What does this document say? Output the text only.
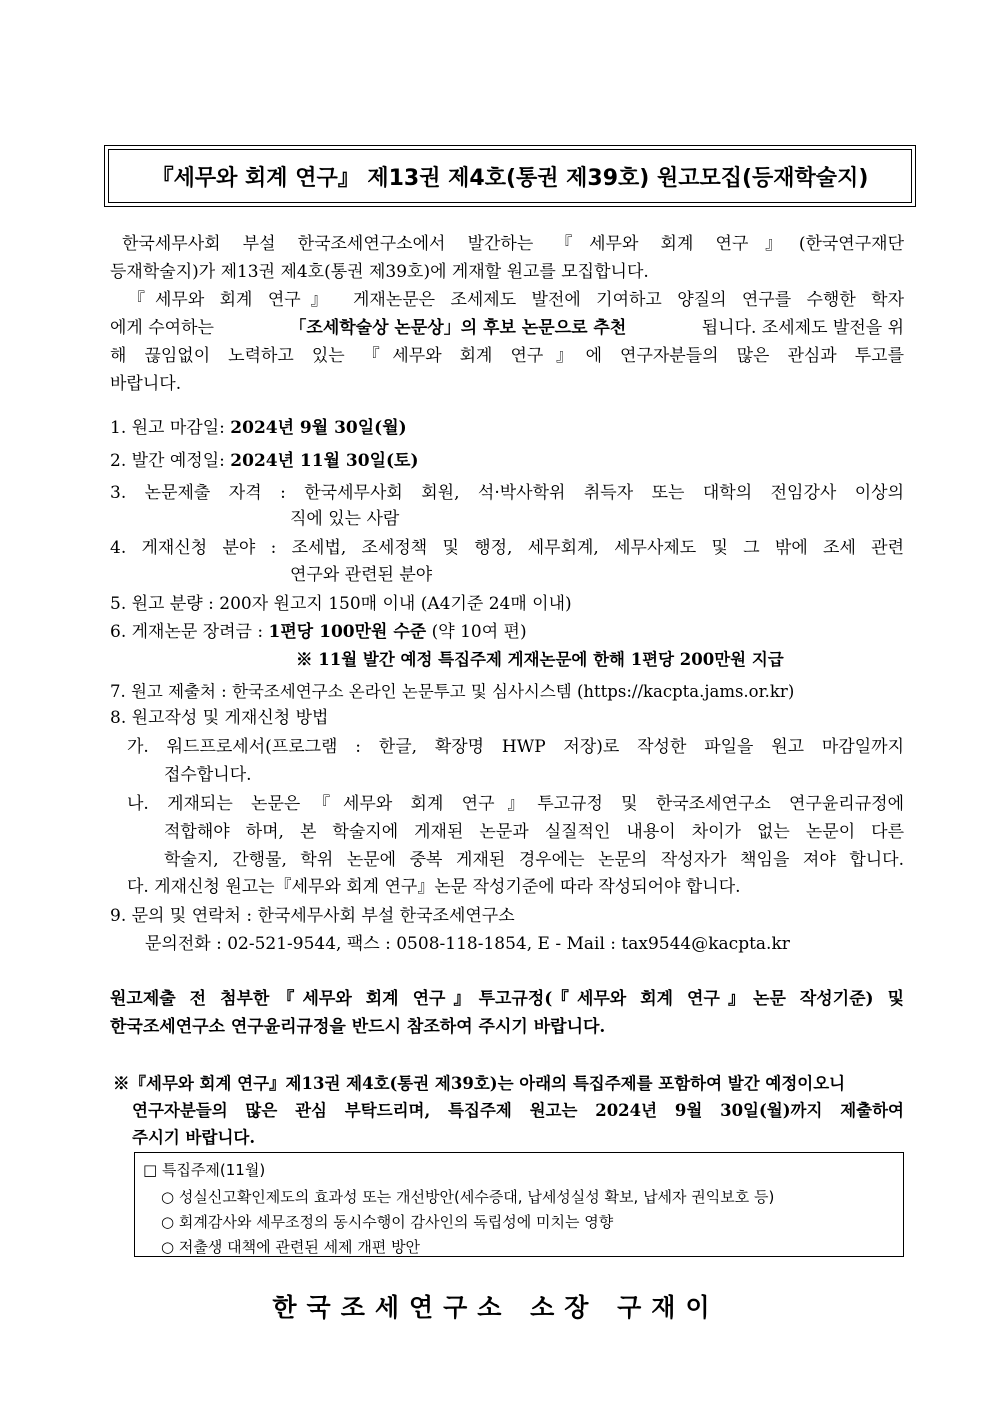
『세무와 회계 연구』 제13권 제4호(통권 제39호) 원고모집(등재학술지)
한국세무사회 부설 한국조세연구소에서 발간하는 『세무와 회계 연구』(한국연구재단
등재학술지)가 제13권 제4호(통권 제39호)에 게재할 원고를 모집합니다.
『세무와 회계 연구』 게재논문은 조세제도 발전에 기여하고 양질의 연구를 수행한 학자
에게 수여하는	「조세학술상 논문상」의 후보 논문으로 추천	됩니다. 조세제도 발전을 위
해 끊임없이 노력하고 있는 『세무와 회계 연구』에 연구자분들의 많은 관심과 투고를
바랍니다.
1. 원고 마감일: 2024년 9월 30일(월)
2. 발간 예정일: 2024년 11월 30일(토)
3. 논문제출 자격 : 한국세무사회 회원, 석·박사학위 취득자 또는 대학의 전임강사 이상의
직에 있는 사람
4. 게재신청 분야 : 조세법, 조세정책 및 행정, 세무회계, 세무사제도 및 그 밖에 조세 관련
연구와 관련된 분야
5. 원고 분량 : 200자 원고지 150매 이내 (A4기준 24매 이내)
6. 게재논문 장려금 : 1편당 100만원 수준 (약 10여 편)
※ 11월 발간 예정 특집주제 게재논문에 한해 1편당 200만원 지급
7. 원고 제출처 : 한국조세연구소 온라인 논문투고 및 심사시스템 (https://kacpta.jams.or.kr)
8. 원고작성 및 게재신청 방법
가. 워드프로세서(프로그램 : 한글, 확장명 HWP 저장)로 작성한 파일을 원고 마감일까지
접수합니다.
나. 게재되는 논문은『세무와 회계 연구』투고규정 및 한국조세연구소 연구윤리규정에
적합해야 하며, 본 학술지에 게재된 논문과 실질적인 내용이 차이가 없는 논문이 다른
학술지, 간행물, 학위 논문에 중복 게재된 경우에는 논문의 작성자가 책임을 져야 합니다.
다. 게재신청 원고는『세무와 회계 연구』논문 작성기준에 따라 작성되어야 합니다.
9. 문의 및 연락처 : 한국세무사회 부설 한국조세연구소
문의전화 : 02-521-9544, 팩스 : 0508-118-1854, E - Mail : tax9544@kacpta.kr
원고제출 전 첨부한『세무와 회계 연구』투고규정(『세무와 회계 연구』논문 작성기준) 및
한국조세연구소 연구윤리규정을 반드시 참조하여 주시기 바랍니다.
※『세무와 회계 연구』제13권 제4호(통권 제39호)는 아래의 특집주제를 포함하여 발간 예정이오니
연구자분들의 많은 관심 부탁드리며, 특집주제 원고는 2024년 9월 30일(월)까지 제출하여
주시기 바랍니다.
□ 특집주제(11월)
○ 성실신고확인제도의 효과성 또는 개선방안(세수증대, 납세성실성 확보, 납세자 권익보호 등)
○ 회계감사와 세무조정의 동시수행이 감사인의 독립성에 미치는 영향
○ 저출생 대책에 관련된 세제 개편 방안
한국조세연구소 소장 구재이
